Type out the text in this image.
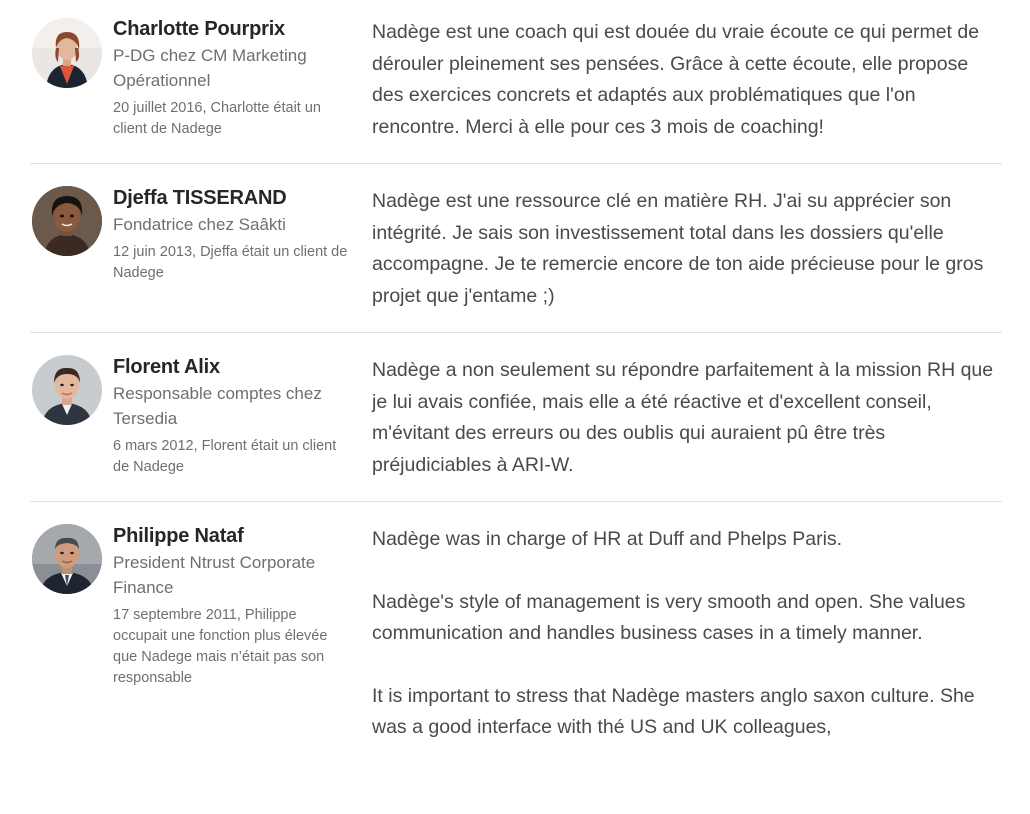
Charlotte Pourprix
P-DG chez CM Marketing Opérationnel
20 juillet 2016, Charlotte était un client de Nadege

Nadège est une coach qui est douée du vraie écoute ce qui permet de dérouler pleinement ses pensées. Grâce à cette écoute, elle propose des exercices concrets et adaptés aux problématiques que l'on rencontre. Merci à elle pour ces 3 mois de coaching!

Djeffa TISSERAND
Fondatrice chez Saâkti
12 juin 2013, Djeffa était un client de Nadege

Nadège est une ressource clé en matière RH. J'ai su apprécier son intégrité. Je sais son investissement total dans les dossiers qu'elle accompagne. Je te remercie encore de ton aide précieuse pour le gros projet que j'entame ;)

Florent Alix
Responsable comptes chez Tersedia
6 mars 2012, Florent était un client de Nadege

Nadège a non seulement su répondre parfaitement à la mission RH que je lui avais confiée, mais elle a été réactive et d'excellent conseil, m'évitant des erreurs ou des oublis qui auraient pû être très préjudiciables à ARI-W.

Philippe Nataf
President Ntrust Corporate Finance
17 septembre 2011, Philippe occupait une fonction plus élevée que Nadege mais n’était pas son responsable

Nadège was in charge of HR at Duff and Phelps Paris.

Nadège's style of management is very smooth and open. She values communication and handles business cases in a timely manner.

It is important to stress that Nadège masters anglo saxon culture. She was a good interface with thé US and UK colleagues,
